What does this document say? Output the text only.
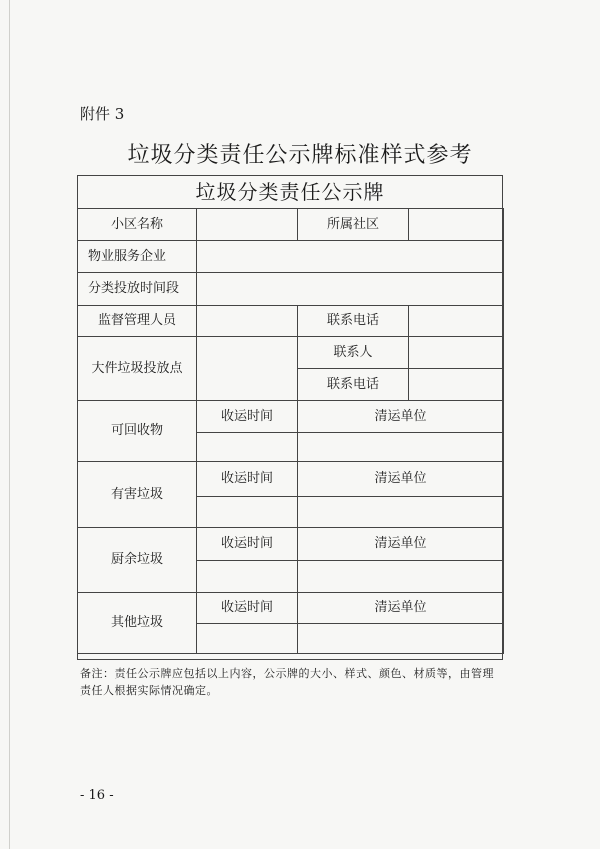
附件 3
垃圾分类责任公示牌标准样式参考
垃圾分类责任公示牌
小区名称		所属社区	
物业服务企业			
分类投放时间段			
监督管理人员		联系电话	
大件垃圾投放点		联系人	
		联系电话	
可回收物	收运时间	清运单位	

有害垃圾	收运时间	清运单位	

厨余垃圾	收运时间	清运单位	

其他垃圾	收运时间	清运单位	

备注：责任公示牌应包括以上内容，公示牌的大小、样式、颜色、材质等，由管理
责任人根据实际情况确定。
- 16 -
